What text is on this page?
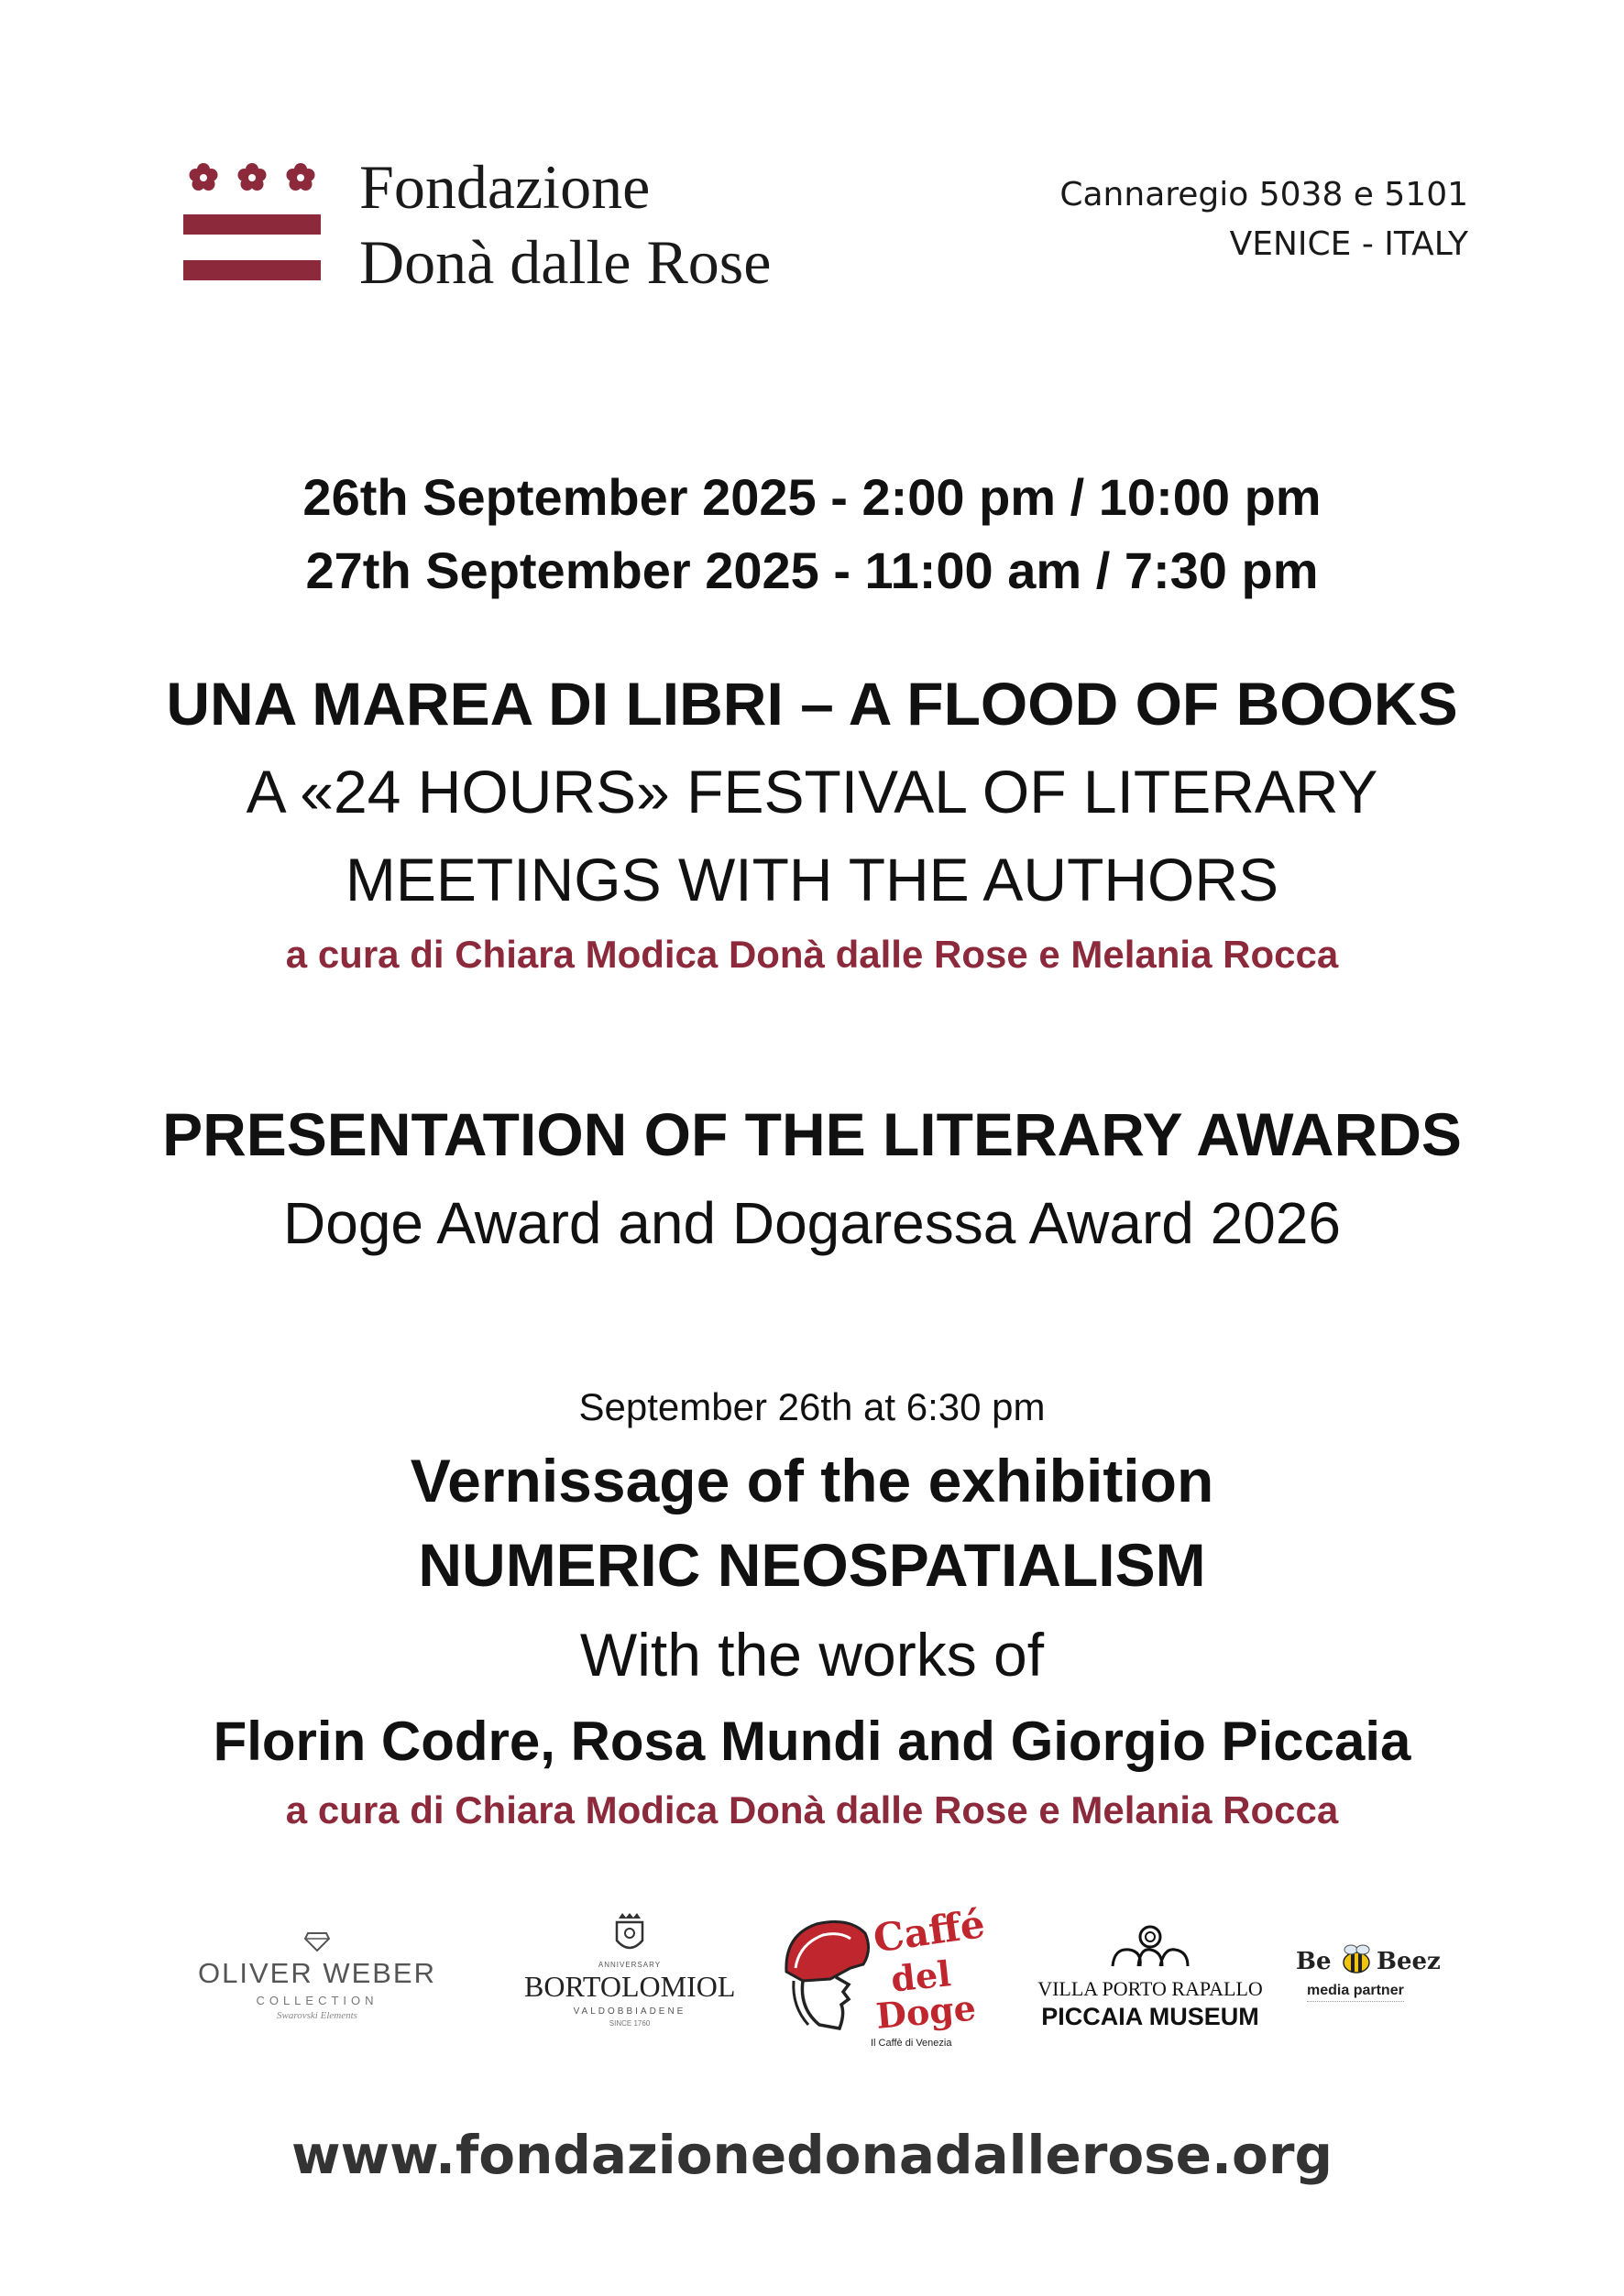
Fondazione
Donà dalle Rose
Cannaregio 5038 e 5101
VENICE - ITALY
26th September 2025 - 2:00 pm / 10:00 pm
27th September 2025 - 11:00 am / 7:30 pm
UNA MAREA DI LIBRI – A FLOOD OF BOOKS
A «24 HOURS» FESTIVAL OF LITERARY
MEETINGS WITH THE AUTHORS
a cura di Chiara Modica Donà dalle Rose e Melania Rocca
PRESENTATION OF THE LITERARY AWARDS
Doge Award and Dogaressa Award 2026
September 26th at 6:30 pm
Vernissage of the exhibition
NUMERIC NEOSPATIALISM
With the works of
Florin Codre, Rosa Mundi and Giorgio Piccaia
a cura di Chiara Modica Donà dalle Rose e Melania Rocca
OLIVER WEBER
COLLECTION
Swarovski Elements
ANNIVERSARY
BORTOLOMIOL
VALDOBBIADENE
SINCE 1760
Caffé
del
Doge
Il Caffè di Venezia
VILLA PORTO RAPALLO
PICCAIA MUSEUM
Be Beez
media partner
www.fondazionedonadallerose.org
